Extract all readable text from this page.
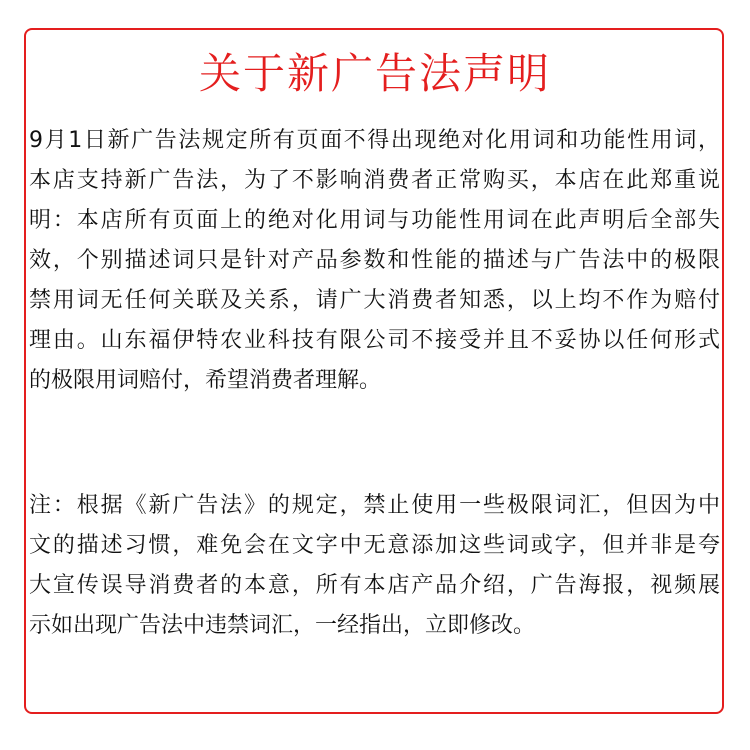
关于新广告法声明
9月1日新广告法规定所有页面不得出现绝对化用词和功能性用词，
本店支持新广告法，为了不影响消费者正常购买，本店在此郑重说
明：本店所有页面上的绝对化用词与功能性用词在此声明后全部失
效，个别描述词只是针对产品参数和性能的描述与广告法中的极限
禁用词无任何关联及关系，请广大消费者知悉，以上均不作为赔付
理由。山东福伊特农业科技有限公司不接受并且不妥协以任何形式
的极限用词赔付，希望消费者理解。
注：根据《新广告法》的规定，禁止使用一些极限词汇，但因为中
文的描述习惯，难免会在文字中无意添加这些词或字，但并非是夸
大宣传误导消费者的本意，所有本店产品介绍，广告海报，视频展
示如出现广告法中违禁词汇，一经指出，立即修改。
